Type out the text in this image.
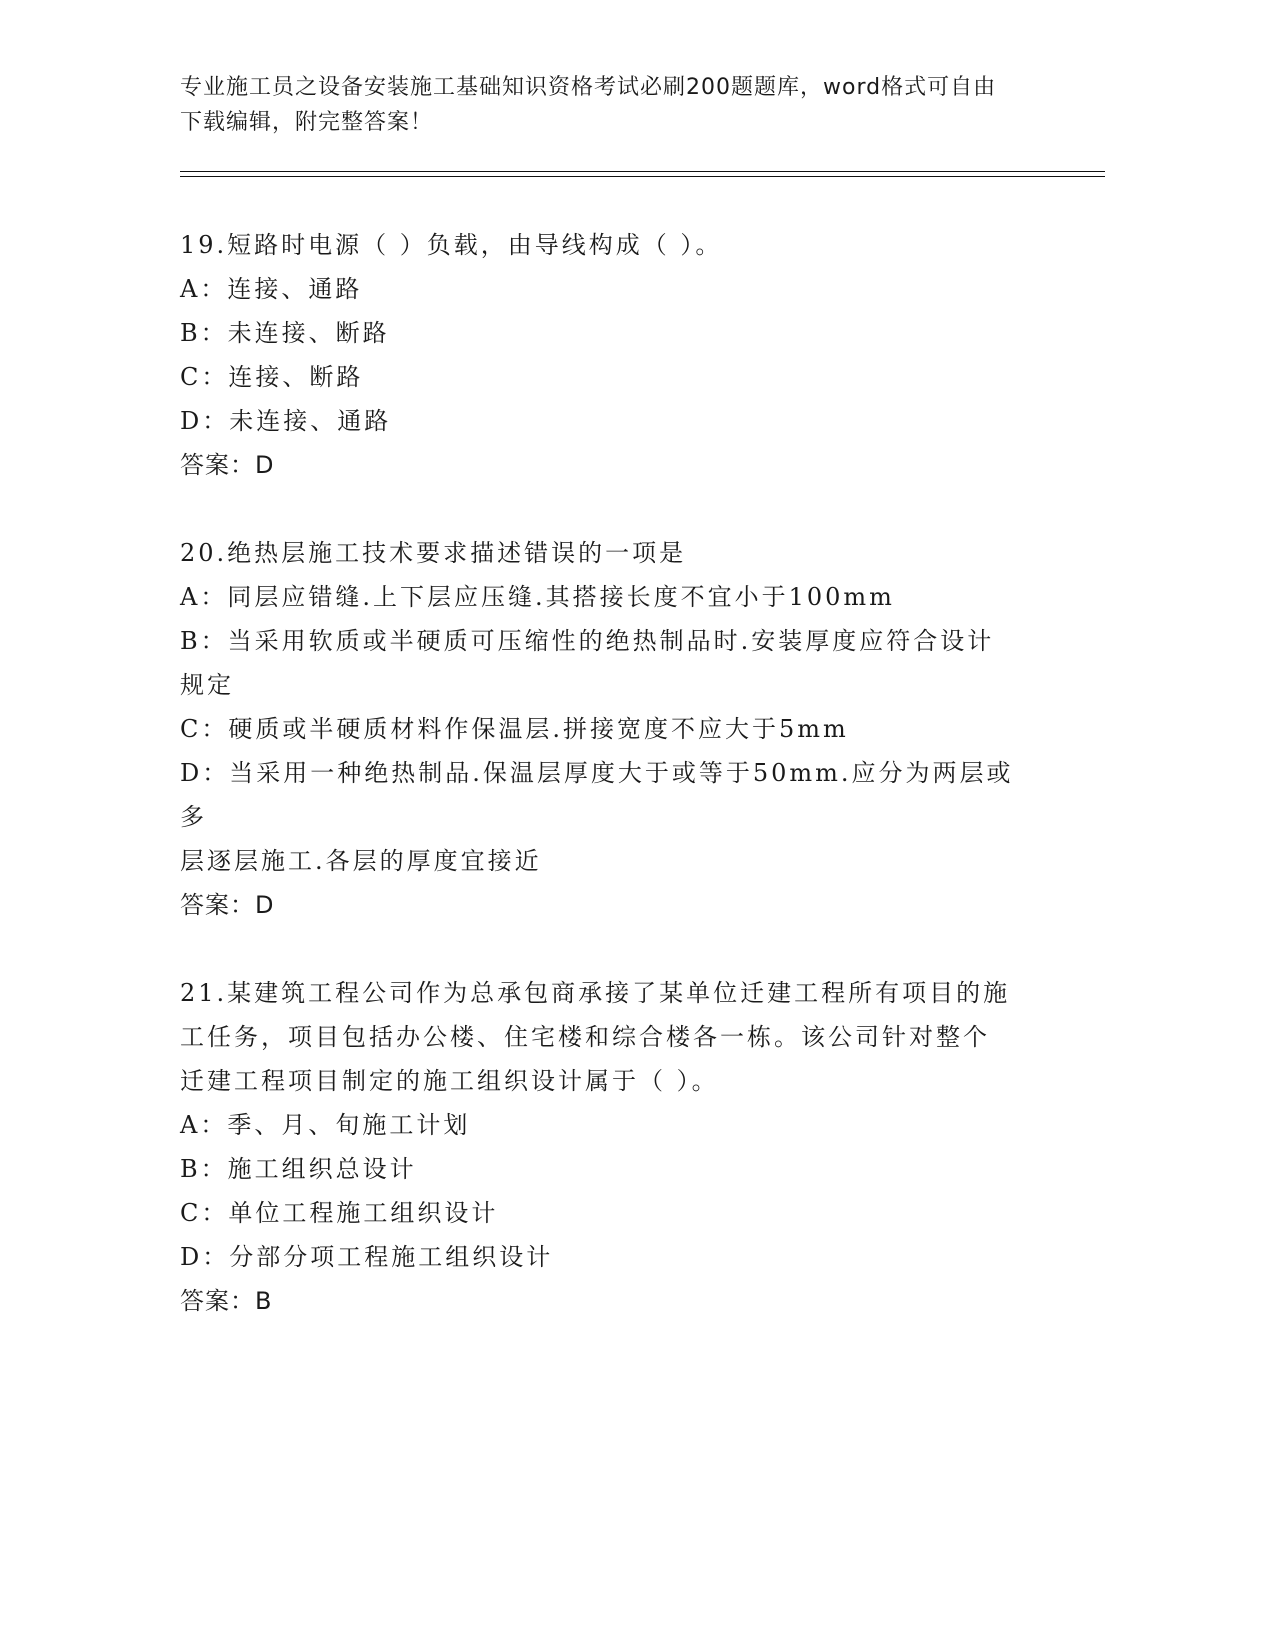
专业施工员之设备安装施工基础知识资格考试必刷200题题库，word格式可自由
下载编辑，附完整答案！
19.短路时电源（ ）负载，由导线构成（ ）。
A：连接、通路
B：未连接、断路
C：连接、断路
D：未连接、通路
答案：D
20.绝热层施工技术要求描述错误的一项是
A：同层应错缝.上下层应压缝.其搭接长度不宜小于100mm
B：当采用软质或半硬质可压缩性的绝热制品时.安装厚度应符合设计
规定
C：硬质或半硬质材料作保温层.拼接宽度不应大于5mm
D：当采用一种绝热制品.保温层厚度大于或等于50mm.应分为两层或多
层逐层施工.各层的厚度宜接近
答案：D
21.某建筑工程公司作为总承包商承接了某单位迁建工程所有项目的施
工任务，项目包括办公楼、住宅楼和综合楼各一栋。该公司针对整个
迁建工程项目制定的施工组织设计属于（ ）。
A：季、月、旬施工计划
B：施工组织总设计
C：单位工程施工组织设计
D：分部分项工程施工组织设计
答案：B
